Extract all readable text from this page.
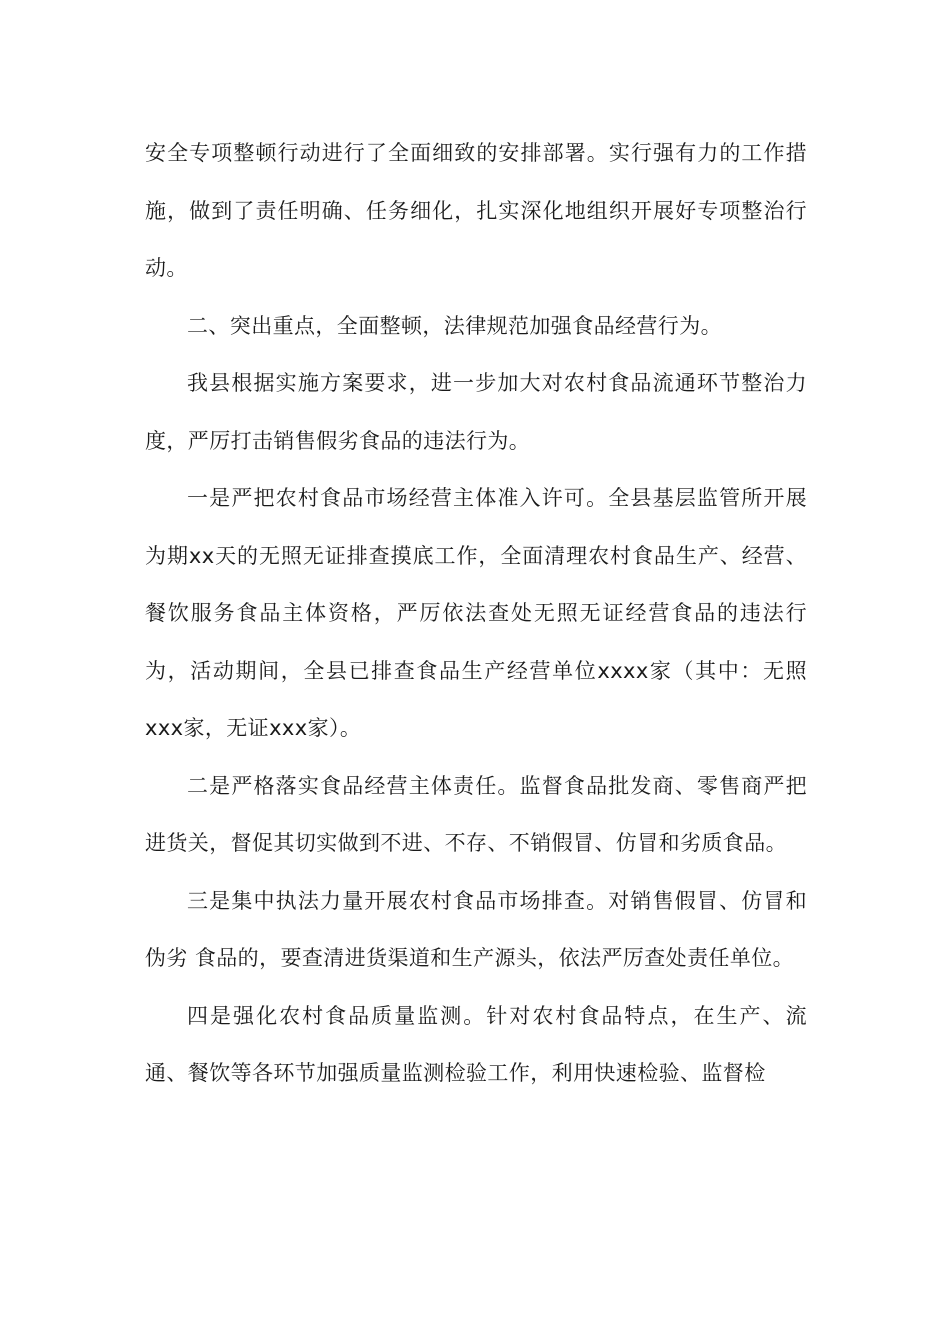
安全专项整顿行动进行了全面细致的安排部署。实行强有力的工作措施，做到了责任明确、任务细化，扎实深化地组织开展好专项整治行动。

二、突出重点，全面整顿，法律规范加强食品经营行为。

我县根据实施方案要求，进一步加大对农村食品流通环节整治力度，严厉打击销售假劣食品的违法行为。

一是严把农村食品市场经营主体准入许可。全县基层监管所开展为期xx天的无照无证排查摸底工作，全面清理农村食品生产、经营、餐饮服务食品主体资格，严厉依法查处无照无证经营食品的违法行为，活动期间，全县已排查食品生产经营单位xxxx家（其中：无照xxx家，无证xxx家）。

二是严格落实食品经营主体责任。监督食品批发商、零售商严把进货关，督促其切实做到不进、不存、不销假冒、仿冒和劣质食品。

三是集中执法力量开展农村食品市场排查。对销售假冒、仿冒和伪劣 食品的，要查清进货渠道和生产源头，依法严厉查处责任单位。

四是强化农村食品质量监测。针对农村食品特点，在生产、流通、餐饮等各环节加强质量监测检验工作，利用快速检验、监督检
